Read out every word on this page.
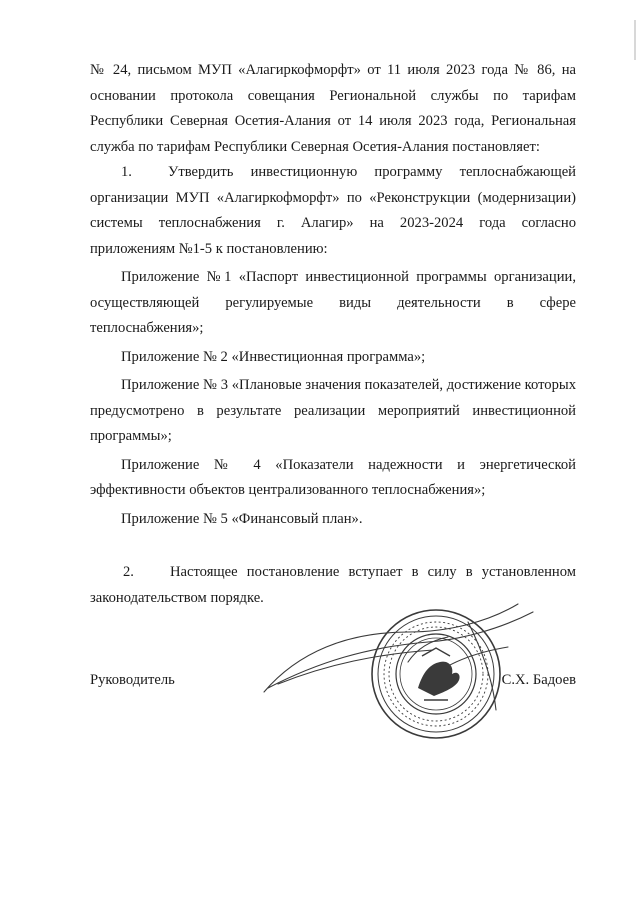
№ 24, письмом МУП «Алагиркофморфт» от 11 июля 2023 года № 86, на

основании протокола совещания Региональной службы по тарифам

Республики Северная Осетия-Алания от 14 июля 2023 года, Региональная

служба по тарифам Республики Северная Осетия-Алания постановляет:

1. Утвердить инвестиционную программу теплоснабжающей организации МУП «Алагиркофморфт» по «Реконструкции (модернизации) системы теплоснабжения г. Алагир» на 2023-2024 года согласно приложениям №1-5 к постановлению:

Приложение №1 «Паспорт инвестиционной программы организации, осуществляющей регулируемые виды деятельности в сфере теплоснабжения»;

Приложение № 2 «Инвестиционная программа»;

Приложение № 3 «Плановые значения показателей, достижение которых предусмотрено в результате реализации мероприятий инвестиционной программы»;

Приложение № 4 «Показатели надежности и энергетической эффективности объектов централизованного теплоснабжения»;

Приложение № 5 «Финансовый план».

2. Настоящее постановление вступает в силу в установленном законодательством порядке.

Руководитель	С.Х. Бадоев
